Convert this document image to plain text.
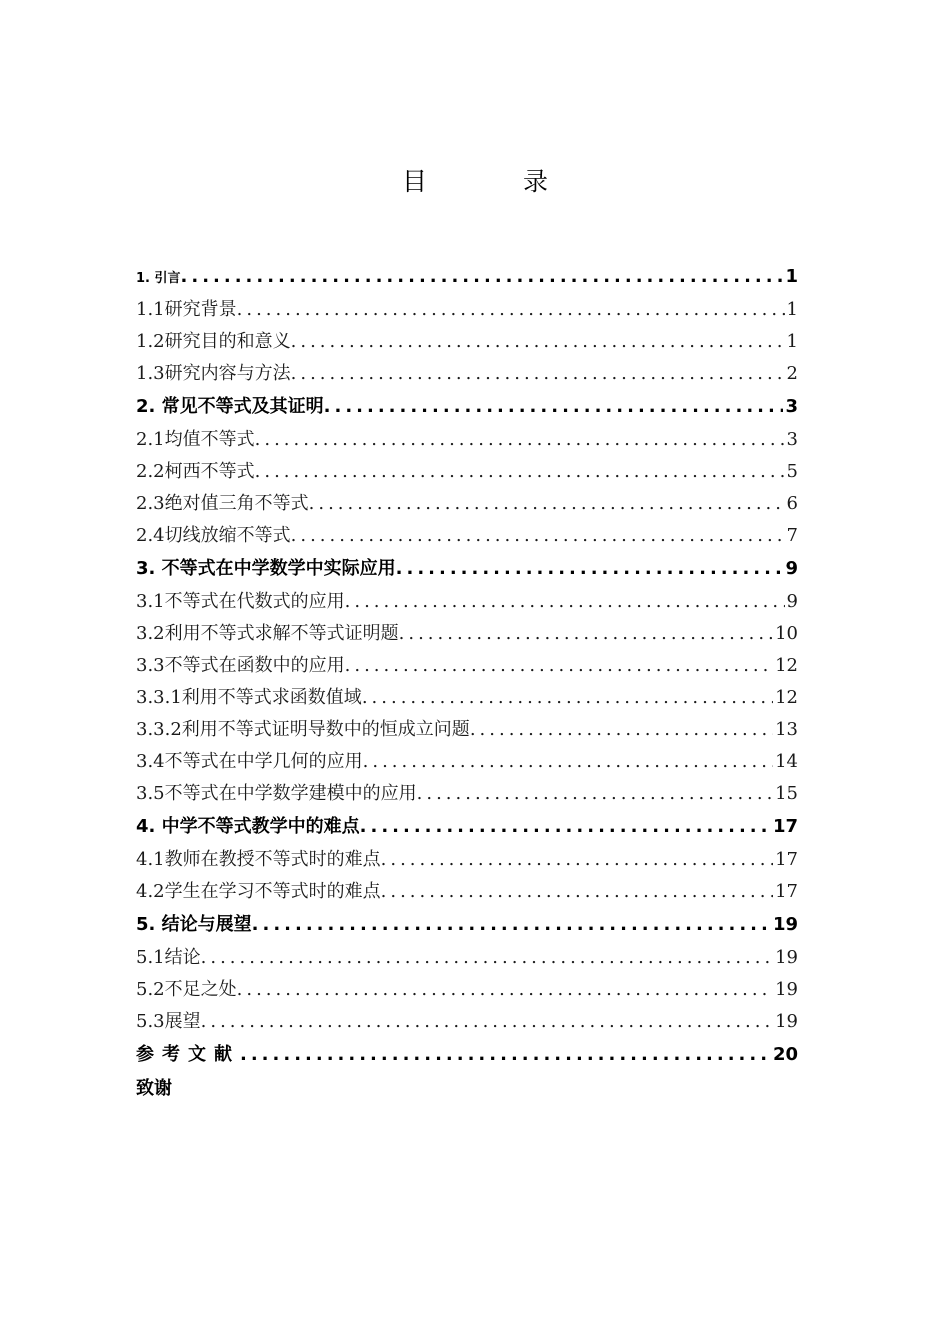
目 录
1. 引言 .....	1
1.1研究背景 .....	1
1.2研究目的和意义 .....	1
1.3研究内容与方法 .....	2
2. 常见不等式及其证明 .....	3
2.1均值不等式 .....	3
2.2柯西不等式 .....	5
2.3绝对值三角不等式 .....	6
2.4切线放缩不等式 .....	7
3. 不等式在中学数学中实际应用 .....	9
3.1不等式在代数式的应用 .....	9
3.2利用不等式求解不等式证明题 .....	10
3.3不等式在函数中的应用 .....	12
3.3.1利用不等式求函数值域 .....	12
3.3.2利用不等式证明导数中的恒成立问题 .....	13
3.4不等式在中学几何的应用 .....	14
3.5不等式在中学数学建模中的应用 .....	15
4. 中学不等式教学中的难点 .....	17
4.1教师在教授不等式时的难点 .....	17
4.2学生在学习不等式时的难点 .....	17
5. 结论与展望 .....	19
5.1结论 .....	19
5.2不足之处 .....	19
5.3展望 .....	19
参考文献 .....	20
致谢
